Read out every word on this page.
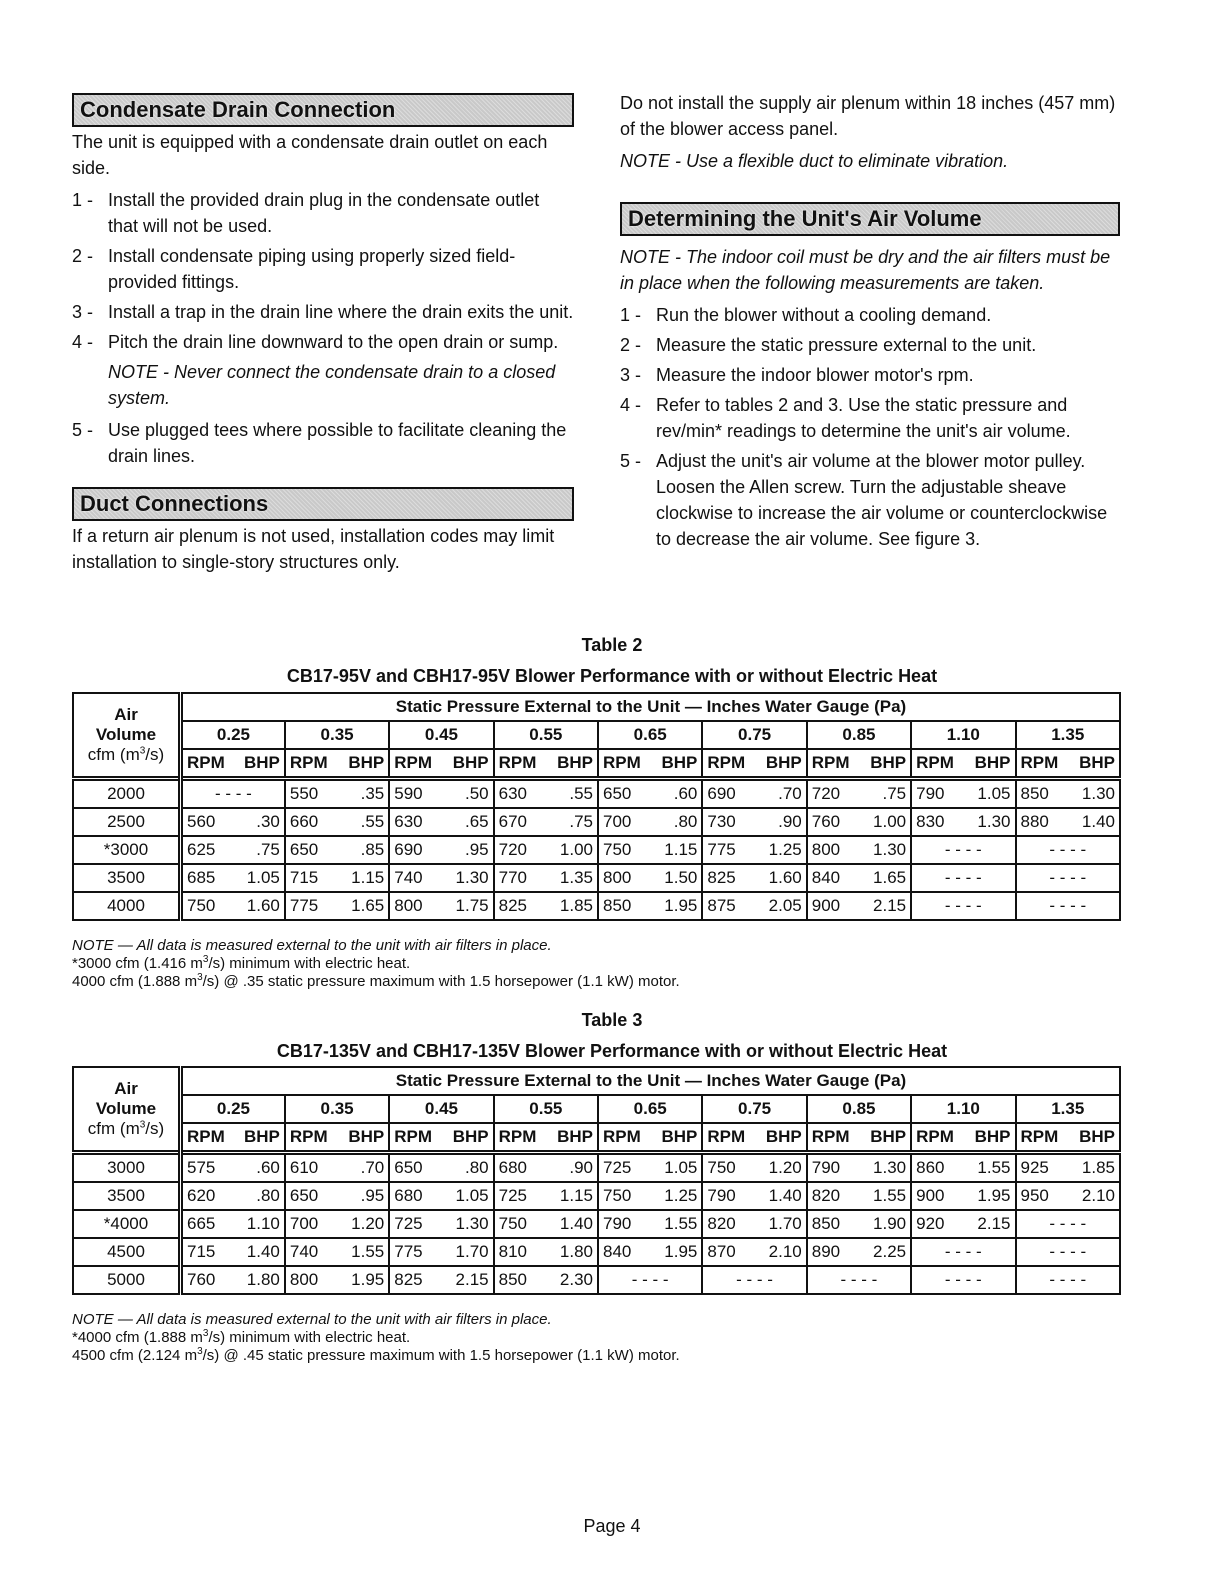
Condensate Drain Connection

The unit is equipped with a condensate drain outlet on each side.

1 - Install the provided drain plug in the condensate outlet that will not be used.
2 - Install condensate piping using properly sized field-provided fittings.
3 - Install a trap in the drain line where the drain exits the unit.
4 - Pitch the drain line downward to the open drain or sump.

NOTE - Never connect the condensate drain to a closed system.

5 - Use plugged tees where possible to facilitate cleaning the drain lines.
Duct Connections

If a return air plenum is not used, installation codes may limit installation to single-story structures only.

Do not install the supply air plenum within 18 inches (457 mm) of the blower access panel.

NOTE - Use a flexible duct to eliminate vibration.

Determining the Unit's Air Volume

NOTE - The indoor coil must be dry and the air filters must be in place when the following measurements are taken.

1 - Run the blower without a cooling demand.
2 - Measure the static pressure external to the unit.
3 - Measure the indoor blower motor's rpm.
4 - Refer to tables 2 and 3. Use the static pressure and rev/min* readings to determine the unit's air volume.
5 - Adjust the unit's air volume at the blower motor pulley. Loosen the Allen screw. Turn the adjustable sheave clockwise to increase the air volume or counterclockwise to decrease the air volume. See figure 3.
Table 2
CB17-95V and CBH17-95V Blower Performance with or without Electric Heat
Air
Volume
cfm $(m^3/s)$	Static Pressure External to the Unit — Inches Water Gauge (Pa)																	
	0.25		0.35		0.45		0.55		0.65		0.75		0.85		1.10		1.35	
	RPM	BHP	RPM	BHP	RPM	BHP	RPM	BHP	RPM	BHP	RPM	BHP	RPM	BHP	RPM	BHP	RPM	BHP
2000	- - - -		550	.35	590	.50	630	.55	650	.60	690	.70	720	.75	790	1.05	850	1.30
2500	560	.30	660	.55	630	.65	670	.75	700	.80	730	.90	760	1.00	830	1.30	880	1.40
*3000	625	.75	650	.85	690	.95	720	1.00	750	1.15	775	1.25	800	1.30	- - - -		- - - -	
3500	685	1.05	715	1.15	740	1.30	770	1.35	800	1.50	825	1.60	840	1.65	- - - -		- - - -	
4000	750	1.60	775	1.65	800	1.75	825	1.85	850	1.95	875	2.05	900	2.15	- - - -		- - - -	
NOTE — All data is measured external to the unit with air filters in place.
*3000 cfm (1.416 $m^3/s$) minimum with electric heat.
4000 cfm (1.888 $m^3/s$) @ .35 static pressure maximum with 1.5 horsepower (1.1 kW) motor.
Table 3
CB17-135V and CBH17-135V Blower Performance with or without Electric Heat
Air
Volume
cfm $(m^3/s)$	Static Pressure External to the Unit — Inches Water Gauge (Pa)																	
	0.25		0.35		0.45		0.55		0.65		0.75		0.85		1.10		1.35	
	RPM	BHP	RPM	BHP	RPM	BHP	RPM	BHP	RPM	BHP	RPM	BHP	RPM	BHP	RPM	BHP	RPM	BHP
3000	575	.60	610	.70	650	.80	680	.90	725	1.05	750	1.20	790	1.30	860	1.55	925	1.85
3500	620	.80	650	.95	680	1.05	725	1.15	750	1.25	790	1.40	820	1.55	900	1.95	950	2.10
*4000	665	1.10	700	1.20	725	1.30	750	1.40	790	1.55	820	1.70	850	1.90	920	2.15	- - - -	
4500	715	1.40	740	1.55	775	1.70	810	1.80	840	1.95	870	2.10	890	2.25	- - - -		- - - -	
5000	760	1.80	800	1.95	825	2.15	850	2.30	- - - -		- - - -		- - - -		- - - -		- - - -	
NOTE — All data is measured external to the unit with air filters in place.
*4000 cfm (1.888 $m^3/s$) minimum with electric heat.
4500 cfm (2.124 $m^3/s$) @ .45 static pressure maximum with 1.5 horsepower (1.1 kW) motor.
Page 4
